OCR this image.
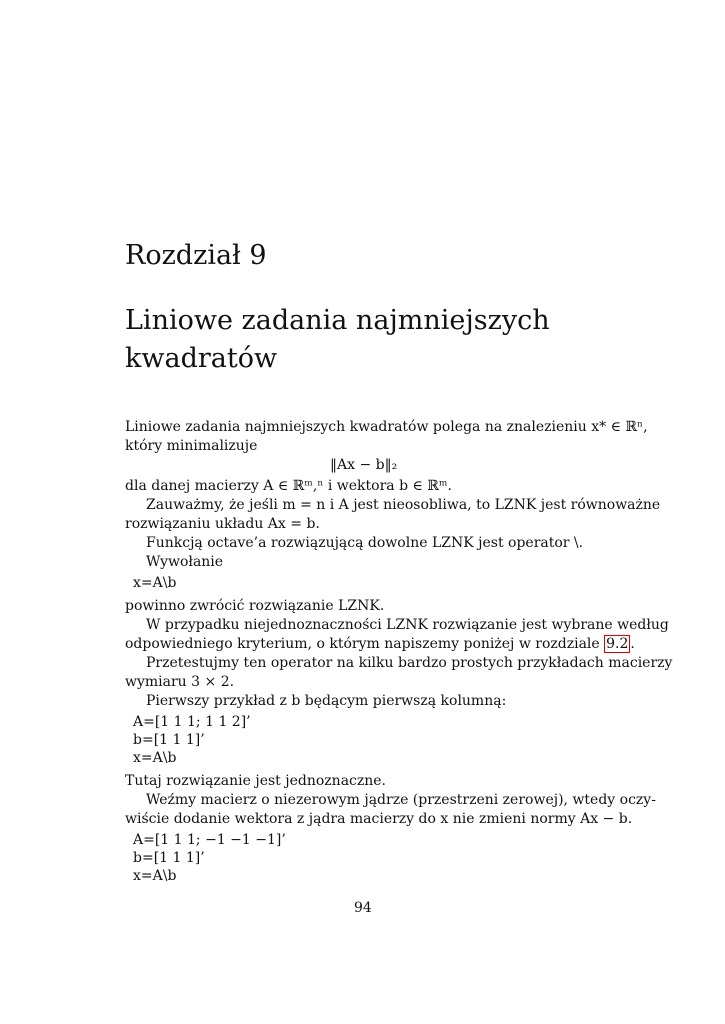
Rozdział 9
Liniowe zadania najmniejszych
kwadratów
Liniowe zadania najmniejszych kwadratów polega na znalezieniu x* ∈ ℝⁿ,
który minimalizuje
‖Ax − b‖₂
dla danej macierzy A ∈ ℝᵐ,ⁿ i wektora b ∈ ℝᵐ.
Zauważmy, że jeśli m = n i A jest nieosobliwa, to LZNK jest równoważne
rozwiązaniu układu Ax = b.
Funkcją octave’a rozwiązującą dowolne LZNK jest operator \.
Wywołanie
x=A\b
powinno zwrócić rozwiązanie LZNK.
W przypadku niejednoznaczności LZNK rozwiązanie jest wybrane według
odpowiedniego kryterium, o którym napiszemy poniżej w rozdziale 9.2 .
Przetestujmy ten operator na kilku bardzo prostych przykładach macierzy
wymiaru 3 × 2.
Pierwszy przykład z b będącym pierwszą kolumną:
A=[1 1 1; 1 1 2]’
b=[1 1 1]’
x=A\b
Tutaj rozwiązanie jest jednoznaczne.
Weźmy macierz o niezerowym jądrze (przestrzeni zerowej), wtedy oczy-
wiście dodanie wektora z jądra macierzy do x nie zmieni normy Ax − b.
A=[1 1 1; −1 −1 −1]’
b=[1 1 1]’
x=A\b
94
